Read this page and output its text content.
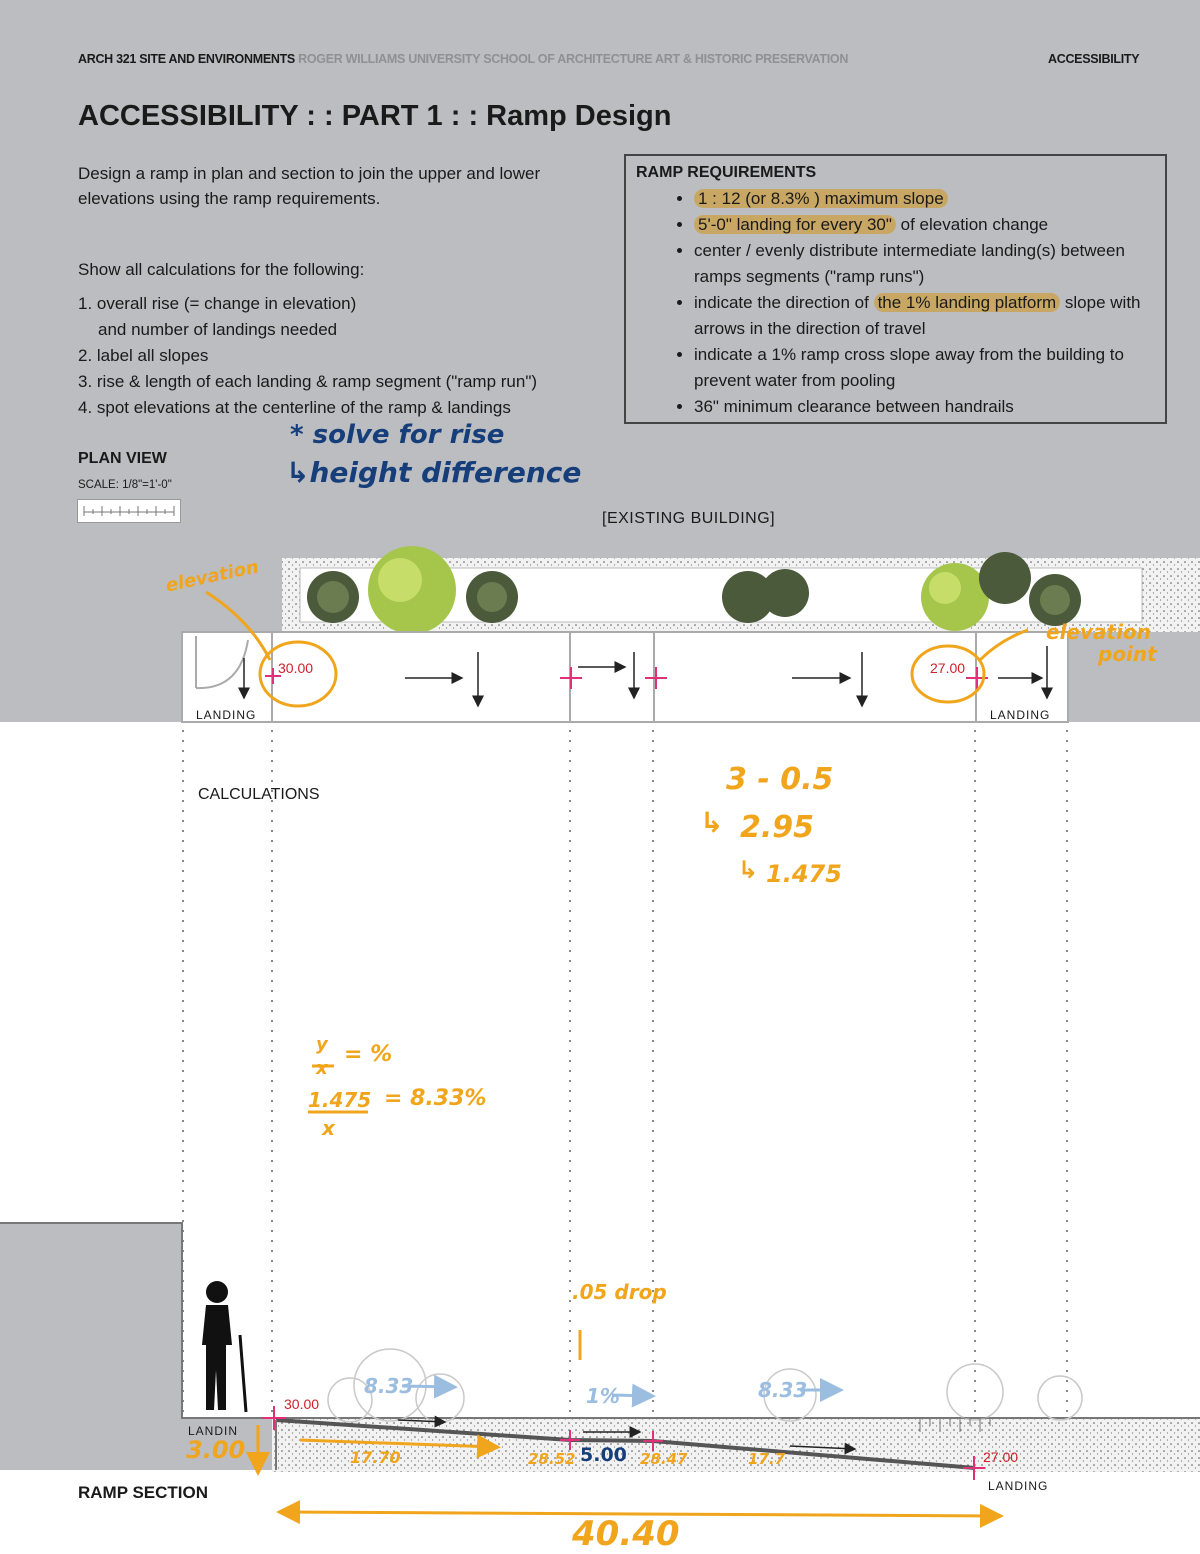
ARCH 321 SITE AND ENVIRONMENTS ROGER WILLIAMS UNIVERSITY SCHOOL OF ARCHITECTURE ART & HISTORIC PRESERVATION	ACCESSIBILITY
ACCESSIBILITY : : PART 1 : : Ramp Design
Design a ramp in plan and section to join the upper and lower elevations using the ramp requirements.
Show all calculations for the following:
1. overall rise (= change in elevation)
and number of landings needed
2. label all slopes
3. rise & length of each landing & ramp segment ("ramp run")
4. spot elevations at the centerline of the ramp & landings
RAMP REQUIREMENTS
• 1 : 12 (or 8.3% ) maximum slope
• 5'-0" landing for every 30" of elevation change
• center / evenly distribute intermediate landing(s) between ramps segments ("ramp runs")
• indicate the direction of the 1% landing platform slope with arrows in the direction of travel
• indicate a 1% ramp cross slope away from the building to prevent water from pooling
• 36" minimum clearance between handrails
PLAN VIEW
SCALE: 1/8"=1'-0"
[EXISTING BUILDING]
LANDING	LANDING
30.00	27.00
CALCULATIONS
30.00
27.00
LANDIN
LANDING
RAMP SECTION
* solve for rise
↳height difference
elevation
elevation
point
3 - 0.5
↳ 2.95
↳ 1.475
y
x
= %
1.475
x
= 8.33%
.05 drop
8.33	1%	8.33
3.00	17.70	28.52 5.00 28.47	17.7
40.40
